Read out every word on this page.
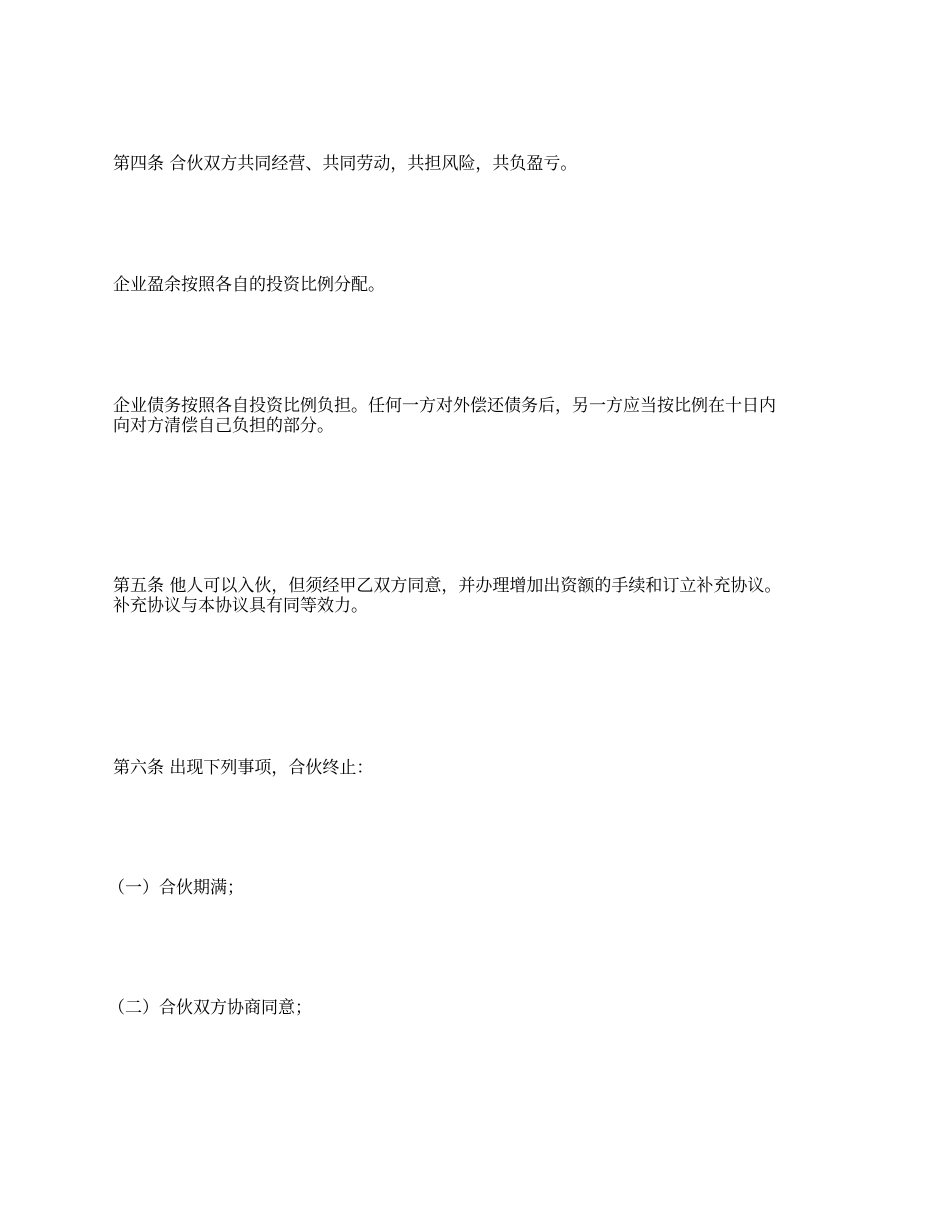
第四条 合伙双方共同经营、共同劳动，共担风险，共负盈亏。

企业盈余按照各自的投资比例分配。

企业债务按照各自投资比例负担。任何一方对外偿还债务后，另一方应当按比例在十日内
向对方清偿自己负担的部分。

第五条 他人可以入伙，但须经甲乙双方同意，并办理增加出资额的手续和订立补充协议。
补充协议与本协议具有同等效力。

第六条 出现下列事项，合伙终止：

（一）合伙期满；

（二）合伙双方协商同意；
